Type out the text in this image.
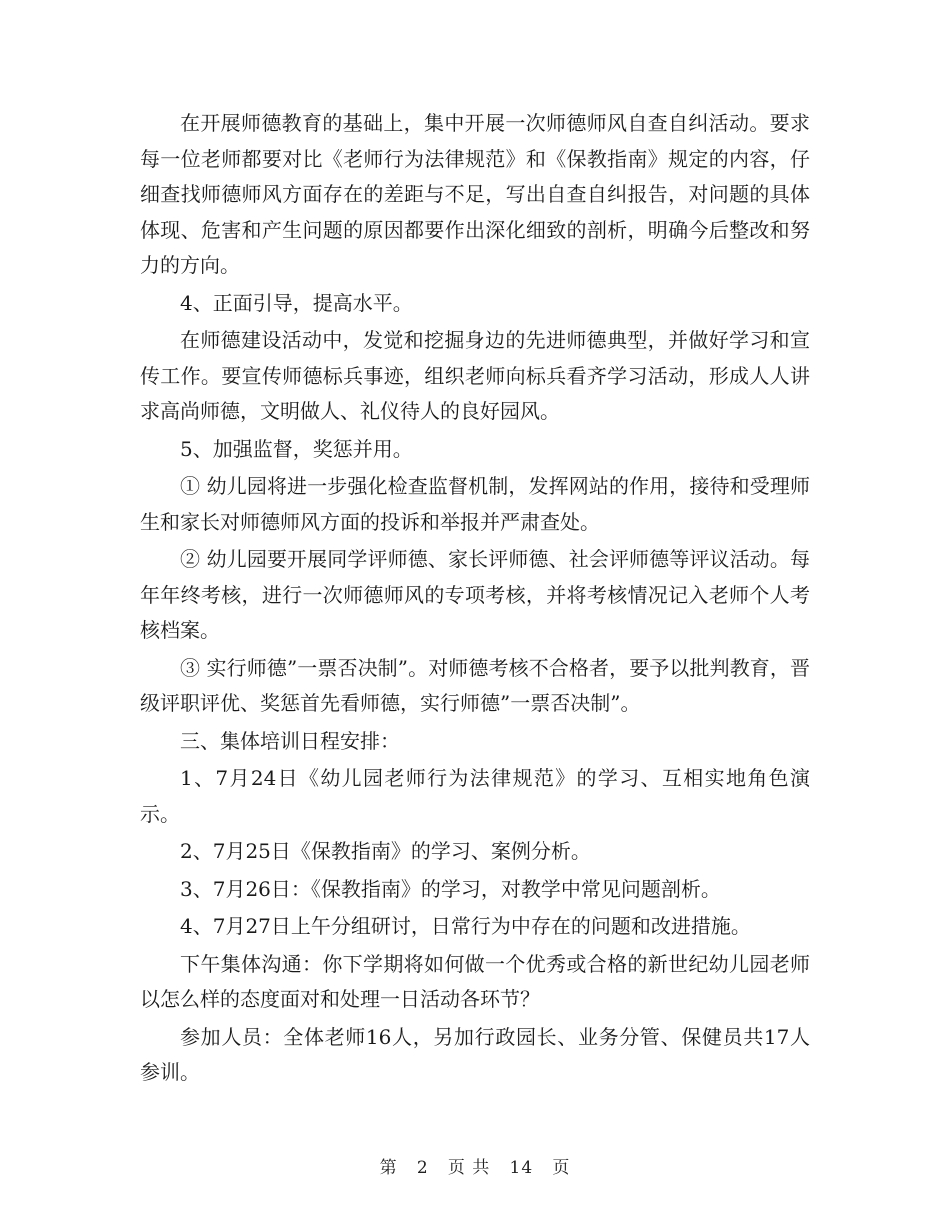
在开展师德教育的基础上，集中开展一次师德师风自查自纠活动。要求每一位老师都要对比《老师行为法律规范》和《保教指南》规定的内容，仔细查找师德师风方面存在的差距与不足，写出自查自纠报告，对问题的具体体现、危害和产生问题的原因都要作出深化细致的剖析，明确今后整改和努力的方向。

4、正面引导，提高水平。

在师德建设活动中，发觉和挖掘身边的先进师德典型，并做好学习和宣传工作。要宣传师德标兵事迹，组织老师向标兵看齐学习活动，形成人人讲求高尚师德，文明做人、礼仪待人的良好园风。

5、加强监督，奖惩并用。

① 幼儿园将进一步强化检查监督机制，发挥网站的作用，接待和受理师生和家长对师德师风方面的投诉和举报并严肃查处。

② 幼儿园要开展同学评师德、家长评师德、社会评师德等评议活动。每年年终考核，进行一次师德师风的专项考核，并将考核情况记入老师个人考核档案。

③ 实行师德”一票否决制”。对师德考核不合格者，要予以批判教育，晋级评职评优、奖惩首先看师德，实行师德”一票否决制”。

三、集体培训日程安排：

1、7月24日《幼儿园老师行为法律规范》的学习、互相实地角色演示。

2、7月25日《保教指南》的学习、案例分析。

3、7月26日：《保教指南》的学习，对教学中常见问题剖析。

4、7月27日上午分组研讨，日常行为中存在的问题和改进措施。

下午集体沟通：你下学期将如何做一个优秀或合格的新世纪幼儿园老师以怎么样的态度面对和处理一日活动各环节？

参加人员：全体老师16人，另加行政园长、业务分管、保健员共17人参训。

第 2 页 共 14 页
